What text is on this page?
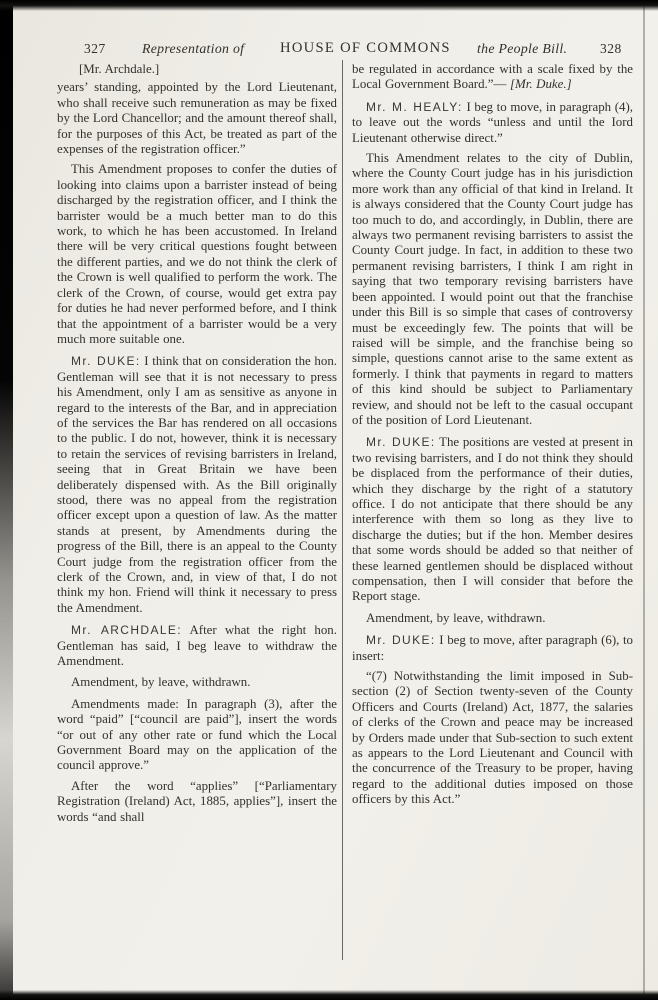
327	Representation of HOUSE OF COMMONS the People Bill. 328

[Mr. Archdale.]

years’ standing, appointed by the Lord Lieutenant, who shall receive such remuneration as may be fixed by the Lord Chancellor; and the amount thereof shall, for the purposes of this Act, be treated as part of the expenses of the registration officer.”

This Amendment proposes to confer the duties of looking into claims upon a barrister instead of being discharged by the registration officer, and I think the barrister would be a much better man to do this work, to which he has been accustomed. In Ireland there will be very critical questions fought between the different parties, and we do not think the clerk of the Crown is well qualified to perform the work. The clerk of the Crown, of course, would get extra pay for duties he had never performed before, and I think that the appointment of a barrister would be a very much more suitable one.

Mr. DUKE: I think that on consideration the hon. Gentleman will see that it is not necessary to press his Amendment, only I am as sensitive as anyone in regard to the interests of the Bar, and in appreciation of the services the Bar has rendered on all occasions to the public. I do not, however, think it is necessary to retain the services of revising barristers in Ireland, seeing that in Great Britain we have been deliberately dispensed with. As the Bill originally stood, there was no appeal from the registration officer except upon a question of law. As the matter stands at present, by Amendments during the progress of the Bill, there is an appeal to the County Court judge from the registration officer from the clerk of the Crown, and, in view of that, I do not think my hon. Friend will think it necessary to press the Amendment.

Mr. ARCHDALE: After what the right hon. Gentleman has said, I beg leave to withdraw the Amendment.

Amendment, by leave, withdrawn.

Amendments made: In paragraph (3), after the word “paid” [“council are paid”], insert the words “or out of any other rate or fund which the Local Government Board may on the application of the council approve.”

After the word “applies” [“Parliamentary Registration (Ireland) Act, 1885, applies”], insert the words “and shall

be regulated in accordance with a scale fixed by the Local Government Board.”— [Mr. Duke.]

Mr. M. HEALY: I beg to move, in paragraph (4), to leave out the words “unless and until the Iord Lieutenant otherwise direct.”

This Amendment relates to the city of Dublin, where the County Court judge has in his jurisdiction more work than any official of that kind in Ireland. It is always considered that the County Court judge has too much to do, and accordingly, in Dublin, there are always two permanent revising barristers to assist the County Court judge. In fact, in addition to these two permanent revising barristers, I think I am right in saying that two temporary revising barristers have been appointed. I would point out that the franchise under this Bill is so simple that cases of controversy must be exceedingly few. The points that will be raised will be simple, and the franchise being so simple, questions cannot arise to the same extent as formerly. I think that payments in regard to matters of this kind should be subject to Parliamentary review, and should not be left to the casual occupant of the position of Lord Lieutenant.

Mr. DUKE: The positions are vested at present in two revising barristers, and I do not think they should be displaced from the performance of their duties, which they discharge by the right of a statutory office. I do not anticipate that there should be any interference with them so long as they live to discharge the duties; but if the hon. Member desires that some words should be added so that neither of these learned gentlemen should be displaced without compensation, then I will consider that before the Report stage.

Amendment, by leave, withdrawn.

Mr. DUKE: I beg to move, after paragraph (6), to insert:

“(7) Notwithstanding the limit imposed in Sub-section (2) of Section twenty-seven of the County Officers and Courts (Ireland) Act, 1877, the salaries of clerks of the Crown and peace may be increased by Orders made under that Sub-section to such extent as appears to the Lord Lieutenant and Council with the concurrence of the Treasury to be proper, having regard to the additional duties imposed on those officers by this Act.”
